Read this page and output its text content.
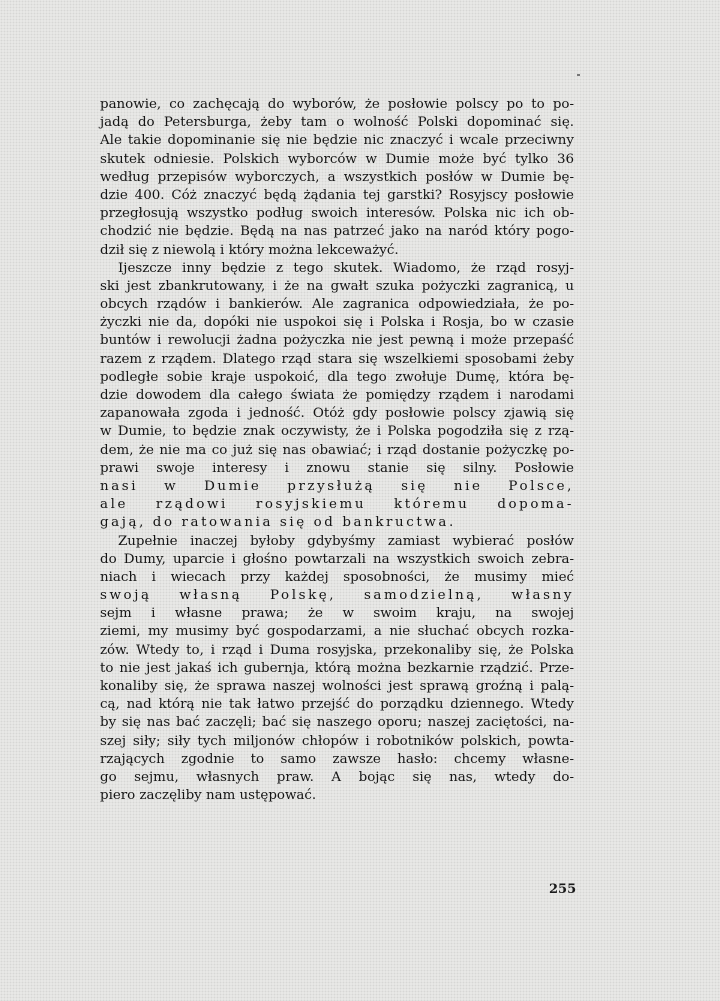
panowie, co zachęcają do wyborów, że posłowie polscy po to po-
jadą do Petersburga, żeby tam o wolność Polski dopominać się.
Ale takie dopominanie się nie będzie nic znaczyć i wcale przeciwny
skutek odniesie. Polskich wyborców w Dumie może być tylko 36
według przepisów wyborczych, a wszystkich posłów w Dumie bę-
dzie 400. Cóż znaczyć będą żądania tej garstki? Rosyjscy posłowie
przegłosują wszystko podług swoich interesów. Polska nic ich ob-
chodzić nie będzie. Będą na nas patrzeć jako na naród który pogo-
dził się z niewolą i który można lekceważyć.
Ijeszcze inny będzie z tego skutek. Wiadomo, że rząd rosyj-
ski jest zbankrutowany, i że na gwałt szuka pożyczki zagranicą, u
obcych rządów i bankierów. Ale zagranica odpowiedziała, że po-
życzki nie da, dopóki nie uspokoi się i Polska i Rosja, bo w czasie
buntów i rewolucji żadna pożyczka nie jest pewną i może przepaść
razem z rządem. Dlatego rząd stara się wszelkiemi sposobami żeby
podległe sobie kraje uspokoić, dla tego zwołuje Dumę, która bę-
dzie dowodem dla całego świata że pomiędzy rządem i narodami
zapanowała zgoda i jedność. Otóż gdy posłowie polscy zjawią się
w Dumie, to będzie znak oczywisty, że i Polska pogodziła się z rzą-
dem, że nie ma co już się nas obawiać; i rząd dostanie pożyczkę po-
prawi swoje interesy i znowu stanie się silny. Posłowie
nasi w Dumie przysłużą się nie Polsce,
ale rządowi rosyjskiemu któremu dopoma-
gają, do ratowania się od bankructwa.
Zupełnie inaczej byłoby gdybyśmy zamiast wybierać posłów
do Dumy, uparcie i głośno powtarzali na wszystkich swoich zebra-
niach i wiecach przy każdej sposobności, że musimy mieć
swoją własną Polskę, samodzielną, własny
sejm i własne prawa; że w swoim kraju, na swojej
ziemi, my musimy być gospodarzami, a nie słuchać obcych rozka-
zów. Wtedy to, i rząd i Duma rosyjska, przekonaliby się, że Polska
to nie jest jakaś ich gubernja, którą można bezkarnie rządzić. Prze-
konaliby się, że sprawa naszej wolności jest sprawą groźną i palą-
cą, nad którą nie tak łatwo przejść do porządku dziennego. Wtedy
by się nas bać zaczęli; bać się naszego oporu; naszej zaciętości, na-
szej siły; siły tych miljonów chłopów i robotników polskich, powta-
rzających zgodnie to samo zawsze hasło: chcemy własne-
go sejmu, własnych praw. A bojąc się nas, wtedy do-
piero zaczęliby nam ustępować.
255
